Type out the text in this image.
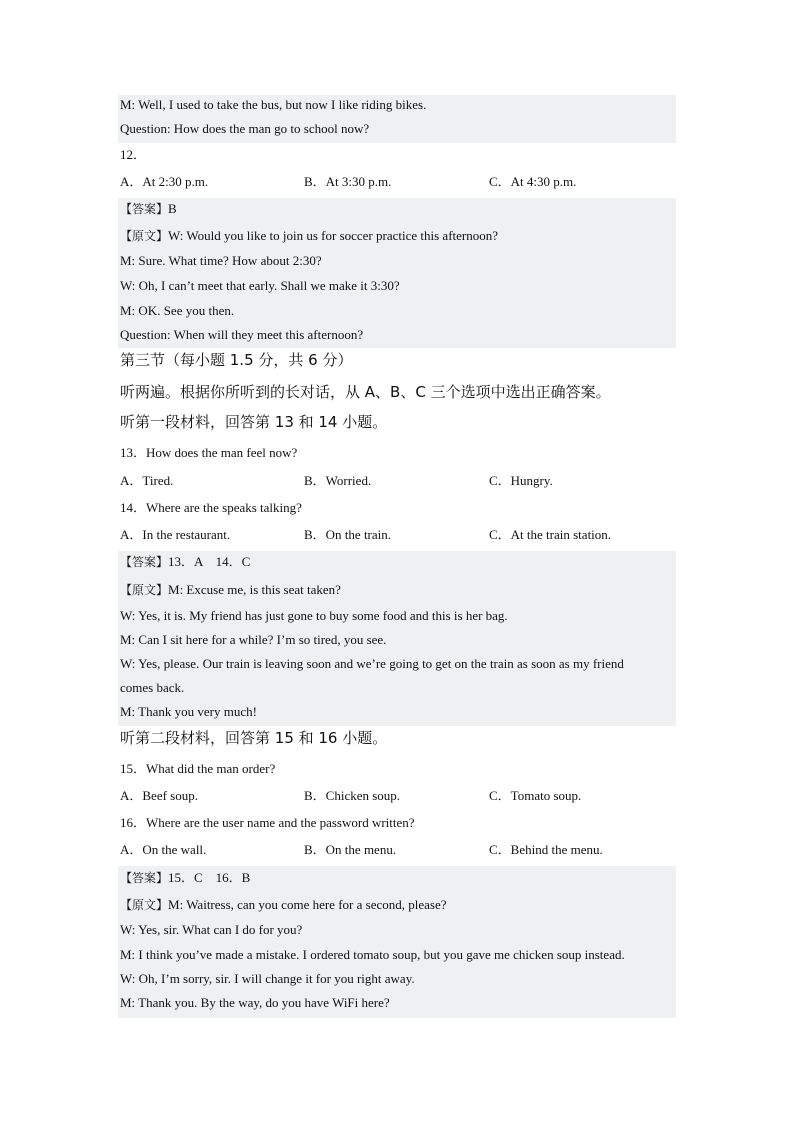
M: Well, I used to take the bus, but now I like riding bikes.
Question: How does the man go to school now?
12．
A．At 2:30 p.m.	B．At 3:30 p.m.	C．At 4:30 p.m.
【答案】B
【原文】W: Would you like to join us for soccer practice this afternoon?
M: Sure. What time? How about 2:30?
W: Oh, I can’t meet that early. Shall we make it 3:30?
M: OK. See you then.
Question: When will they meet this afternoon?
第三节（每小题 1.5 分，共 6 分）
听两遍。根据你所听到的长对话，从 A、B、C 三个选项中选出正确答案。
听第一段材料，回答第 13 和 14 小题。
13．How does the man feel now?
A．Tired.	B．Worried.	C．Hungry.
14．Where are the speaks talking?
A．In the restaurant.	B．On the train.	C．At the train station.
【答案】13．A　14．C
【原文】M: Excuse me, is this seat taken?
W: Yes, it is. My friend has just gone to buy some food and this is her bag.
M: Can I sit here for a while? I’m so tired, you see.
W: Yes, please. Our train is leaving soon and we’re going to get on the train as soon as my friend
comes back.
M: Thank you very much!
听第二段材料，回答第 15 和 16 小题。
15．What did the man order?
A．Beef soup.	B．Chicken soup.	C．Tomato soup.
16．Where are the user name and the password written?
A．On the wall.	B．On the menu.	C．Behind the menu.
【答案】15．C　16．B
【原文】M: Waitress, can you come here for a second, please?
W: Yes, sir. What can I do for you?
M: I think you’ve made a mistake. I ordered tomato soup, but you gave me chicken soup instead.
W: Oh, I’m sorry, sir. I will change it for you right away.
M: Thank you. By the way, do you have WiFi here?
